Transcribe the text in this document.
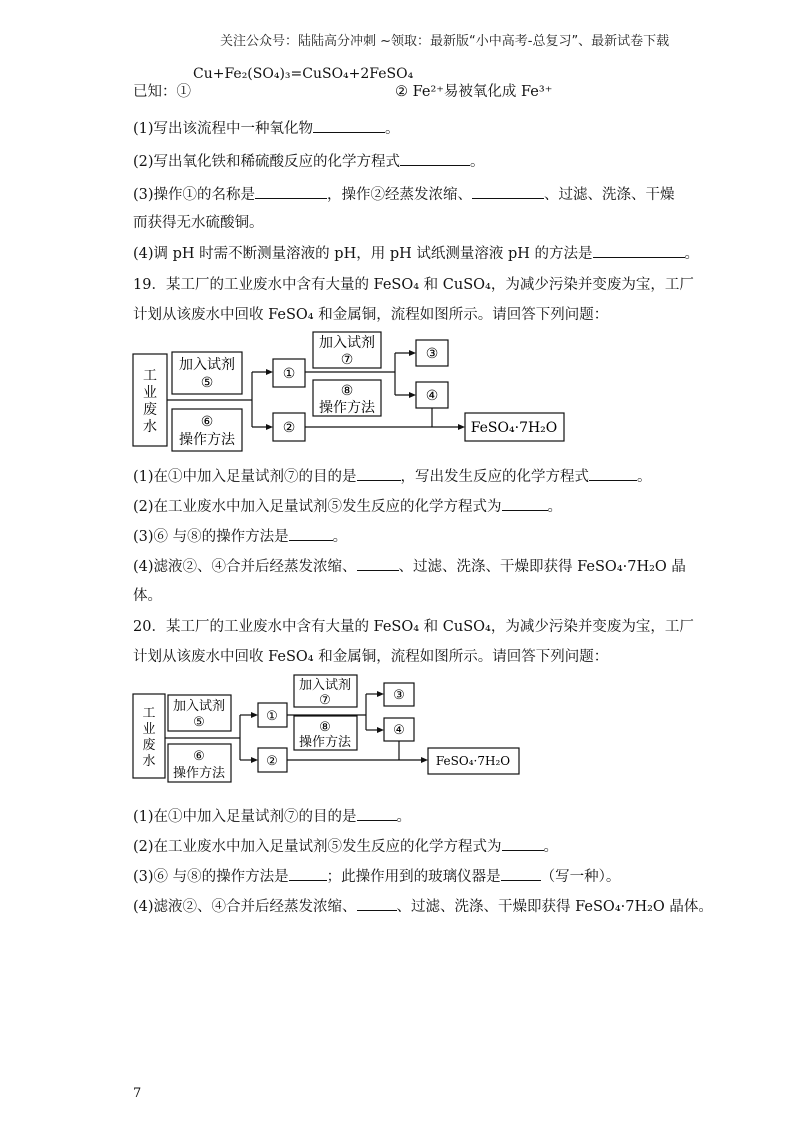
关注公众号：陆陆高分冲刺 ~领取：最新版“小中高考-总复习”、最新试卷下载
已知：①
Cu+Fe₂(SO₄)₃=CuSO₄+2FeSO₄
② Fe²⁺易被氧化成 Fe³⁺
(1)写出该流程中一种氧化物	。
(2)写出氧化铁和稀硫酸反应的化学方程式	。
(3)操作①的名称是	，操作②经蒸发浓缩、	、过滤、洗涤、干燥
而获得无水硫酸铜。
(4)调 pH 时需不断测量溶液的 pH，用 pH 试纸测量溶液 pH 的方法是	。
19．某工厂的工业废水中含有大量的 FeSO₄ 和 CuSO₄，为减少污染并变废为宝，工厂
计划从该废水中回收 FeSO₄ 和金属铜，流程如图所示。请回答下列问题：
工
业
废
水
加入试剂
⑤
⑥
操作方法
①
②
加入试剂
⑦
⑧
操作方法
③
④
FeSO₄·7H₂O
(1)在①中加入足量试剂⑦的目的是	，写出发生反应的化学方程式	。
(2)在工业废水中加入足量试剂⑤发生反应的化学方程式为	。
(3)⑥ 与⑧的操作方法是	。
(4)滤液②、④合并后经蒸发浓缩、	、过滤、洗涤、干燥即获得 FeSO₄·7H₂O 晶
体。
20．某工厂的工业废水中含有大量的 FeSO₄ 和 CuSO₄，为减少污染并变废为宝，工厂
计划从该废水中回收 FeSO₄ 和金属铜，流程如图所示。请回答下列问题：
工
业
废
水
加入试剂
⑤
⑥
操作方法
①
②
加入试剂
⑦
⑧
操作方法
③
④
FeSO₄·7H₂O
(1)在①中加入足量试剂⑦的目的是	。
(2)在工业废水中加入足量试剂⑤发生反应的化学方程式为	。
(3)⑥ 与⑧的操作方法是	；此操作用到的玻璃仪器是	（写一种）。
(4)滤液②、④合并后经蒸发浓缩、	、过滤、洗涤、干燥即获得 FeSO₄·7H₂O 晶体。
7
